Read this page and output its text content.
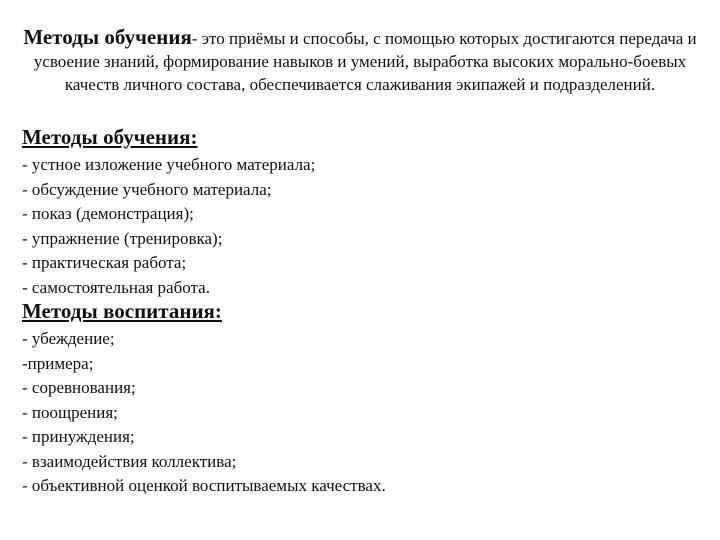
Методы обучения- это приёмы и способы, с помощью которых достигаются передача и усвоение знаний, формирование навыков и умений, выработка высоких морально-боевых качеств личного состава, обеспечивается слаживания экипажей и подразделений.

Методы обучения:
- устное изложение учебного материала;
- обсуждение учебного материала;
- показ (демонстрация);
- упражнение (тренировка);
- практическая работа;
- самостоятельная работа.
Методы воспитания:
- убеждение;
-примера;
- соревнования;
- поощрения;
- принуждения;
- взаимодействия коллектива;
- объективной оценкой воспитываемых качествах.
